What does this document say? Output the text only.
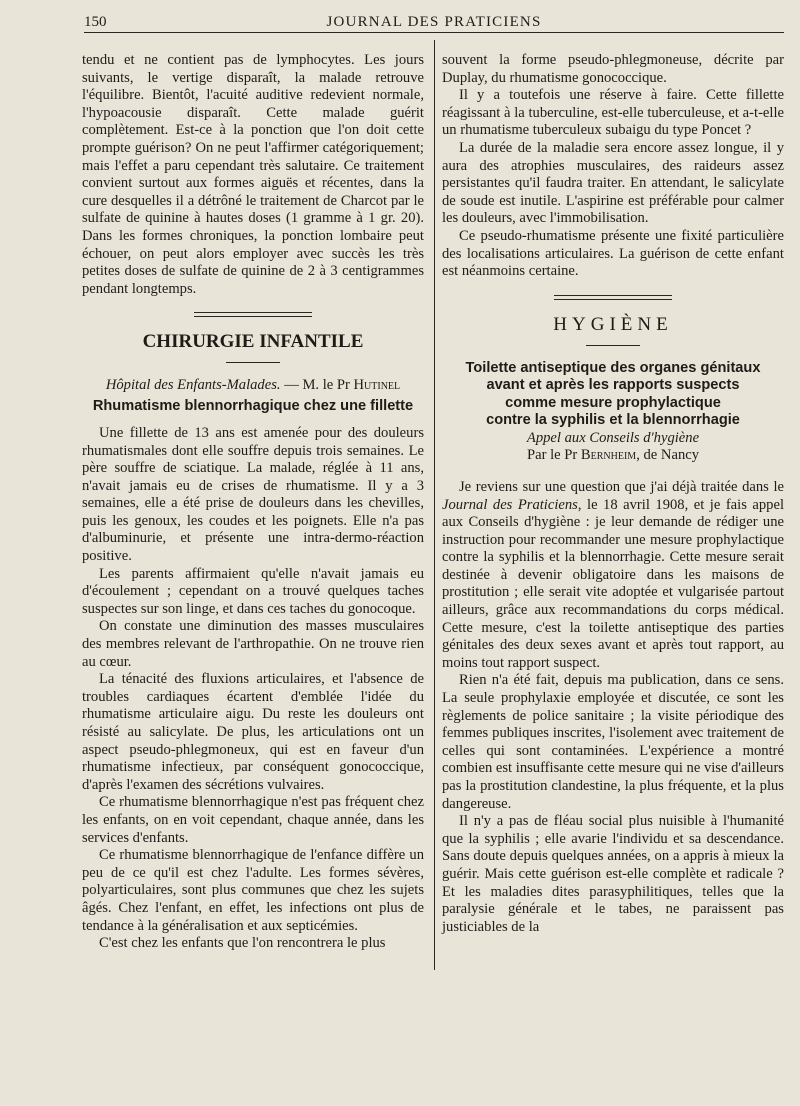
150	JOURNAL DES PRATICIENS

tendu et ne contient pas de lymphocytes. Les jours suivants, le vertige disparaît, la malade retrouve l'équilibre. Bientôt, l'acuité auditive redevient normale, l'hypoacousie disparaît. Cette malade guérit complètement. Est-ce à la ponction que l'on doit cette prompte guérison? On ne peut l'affirmer catégoriquement; mais l'effet a paru cependant très salutaire. Ce traitement convient surtout aux formes aiguës et récentes, dans la cure desquelles il a détrôné le traitement de Charcot par le sulfate de quinine à hautes doses (1 gramme à 1 gr. 20). Dans les formes chroniques, la ponction lombaire peut échouer, on peut alors employer avec succès les très petites doses de sulfate de quinine de 2 à 3 centigrammes pendant longtemps.

CHIRURGIE INFANTILE
Hôpital des Enfants-Malades. — M. le Pr Hutinel
Rhumatisme blennorrhagique chez une fillette

Une fillette de 13 ans est amenée pour des douleurs rhumatismales dont elle souffre depuis trois semaines. Le père souffre de sciatique. La malade, réglée à 11 ans, n'avait jamais eu de crises de rhumatisme. Il y a 3 semaines, elle a été prise de douleurs dans les chevilles, puis les genoux, les coudes et les poignets. Elle n'a pas d'albuminurie, et présente une intra-dermo-réaction positive.

Les parents affirmaient qu'elle n'avait jamais eu d'écoulement ; cependant on a trouvé quelques taches suspectes sur son linge, et dans ces taches du gonocoque.

On constate une diminution des masses musculaires des membres relevant de l'arthropathie. On ne trouve rien au cœur.

La ténacité des fluxions articulaires, et l'absence de troubles cardiaques écartent d'emblée l'idée du rhumatisme articulaire aigu. Du reste les douleurs ont résisté au salicylate. De plus, les articulations ont un aspect pseudo-phlegmoneux, qui est en faveur d'un rhumatisme infectieux, par conséquent gonococcique, d'après l'examen des sécrétions vulvaires.

Ce rhumatisme blennorrhagique n'est pas fréquent chez les enfants, on en voit cependant, chaque année, dans les services d'enfants.

Ce rhumatisme blennorrhagique de l'enfance diffère un peu de ce qu'il est chez l'adulte. Les formes sévères, polyarticulaires, sont plus communes que chez les sujets âgés. Chez l'enfant, en effet, les infections ont plus de tendance à la généralisation et aux septicémies.

C'est chez les enfants que l'on rencontrera le plus

souvent la forme pseudo-phlegmoneuse, décrite par Duplay, du rhumatisme gonococcique.

Il y a toutefois une réserve à faire. Cette fillette réagissant à la tuberculine, est-elle tuberculeuse, et a-t-elle un rhumatisme tuberculeux subaigu du type Poncet ?

La durée de la maladie sera encore assez longue, il y aura des atrophies musculaires, des raideurs assez persistantes qu'il faudra traiter. En attendant, le salicylate de soude est inutile. L'aspirine est préférable pour calmer les douleurs, avec l'immobilisation.

Ce pseudo-rhumatisme présente une fixité particulière des localisations articulaires. La guérison de cette enfant est néanmoins certaine.

HYGIÈNE
Toilette antiseptique des organes génitaux
avant et après les rapports suspects
comme mesure prophylactique
contre la syphilis et la blennorrhagie
Appel aux Conseils d'hygiène
Par le Pr Bernheim, de Nancy

Je reviens sur une question que j'ai déjà traitée dans le Journal des Praticiens, le 18 avril 1908, et je fais appel aux Conseils d'hygiène : je leur demande de rédiger une instruction pour recommander une mesure prophylactique contre la syphilis et la blennorrhagie. Cette mesure serait destinée à devenir obligatoire dans les maisons de prostitution ; elle serait vite adoptée et vulgarisée partout ailleurs, grâce aux recommandations du corps médical. Cette mesure, c'est la toilette antiseptique des parties génitales des deux sexes avant et après tout rapport, au moins tout rapport suspect.

Rien n'a été fait, depuis ma publication, dans ce sens. La seule prophylaxie employée et discutée, ce sont les règlements de police sanitaire ; la visite périodique des femmes publiques inscrites, l'isolement avec traitement de celles qui sont contaminées. L'expérience a montré combien est insuffisante cette mesure qui ne vise d'ailleurs pas la prostitution clandestine, la plus fréquente, et la plus dangereuse.

Il n'y a pas de fléau social plus nuisible à l'humanité que la syphilis ; elle avarie l'individu et sa descendance. Sans doute depuis quelques années, on a appris à mieux la guérir. Mais cette guérison est-elle complète et radicale ? Et les maladies dites parasyphilitiques, telles que la paralysie générale et le tabes, ne paraissent pas justiciables de la
